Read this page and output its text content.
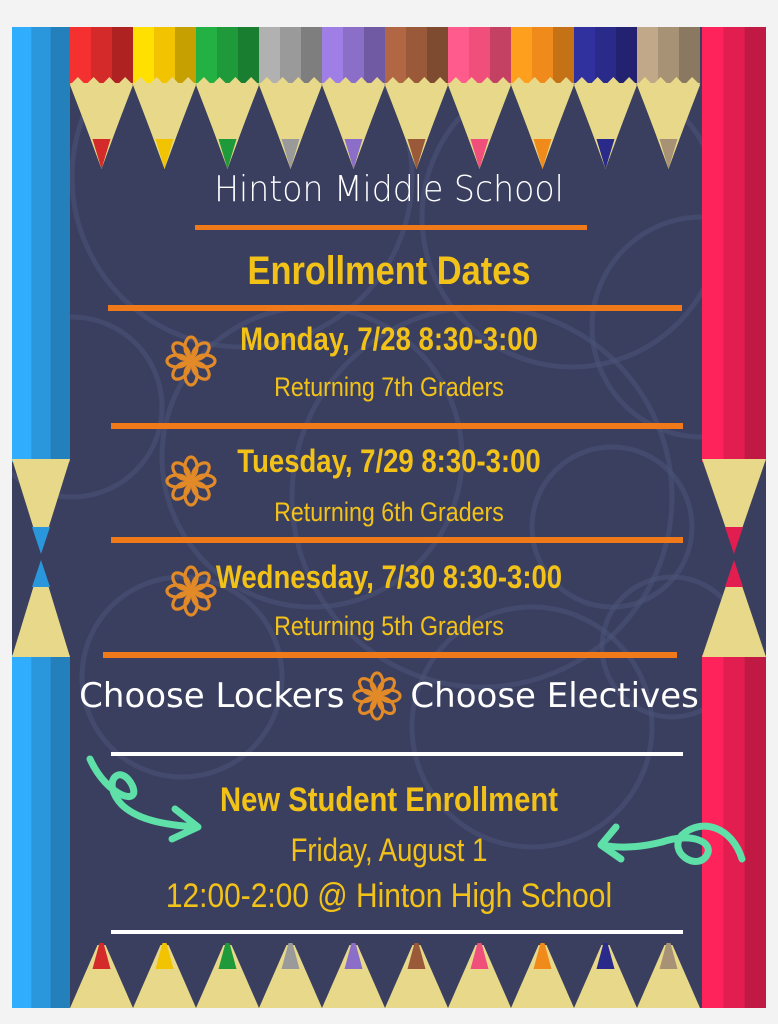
Hinton Middle School
Enrollment Dates
Monday, 7/28 8:30-3:00
Returning 7th Graders
Tuesday, 7/29 8:30-3:00
Returning 6th Graders
Wednesday, 7/30 8:30-3:00
Returning 5th Graders
Choose Lockers Choose Electives
New Student Enrollment
Friday, August 1
12:00-2:00 @ Hinton High School
